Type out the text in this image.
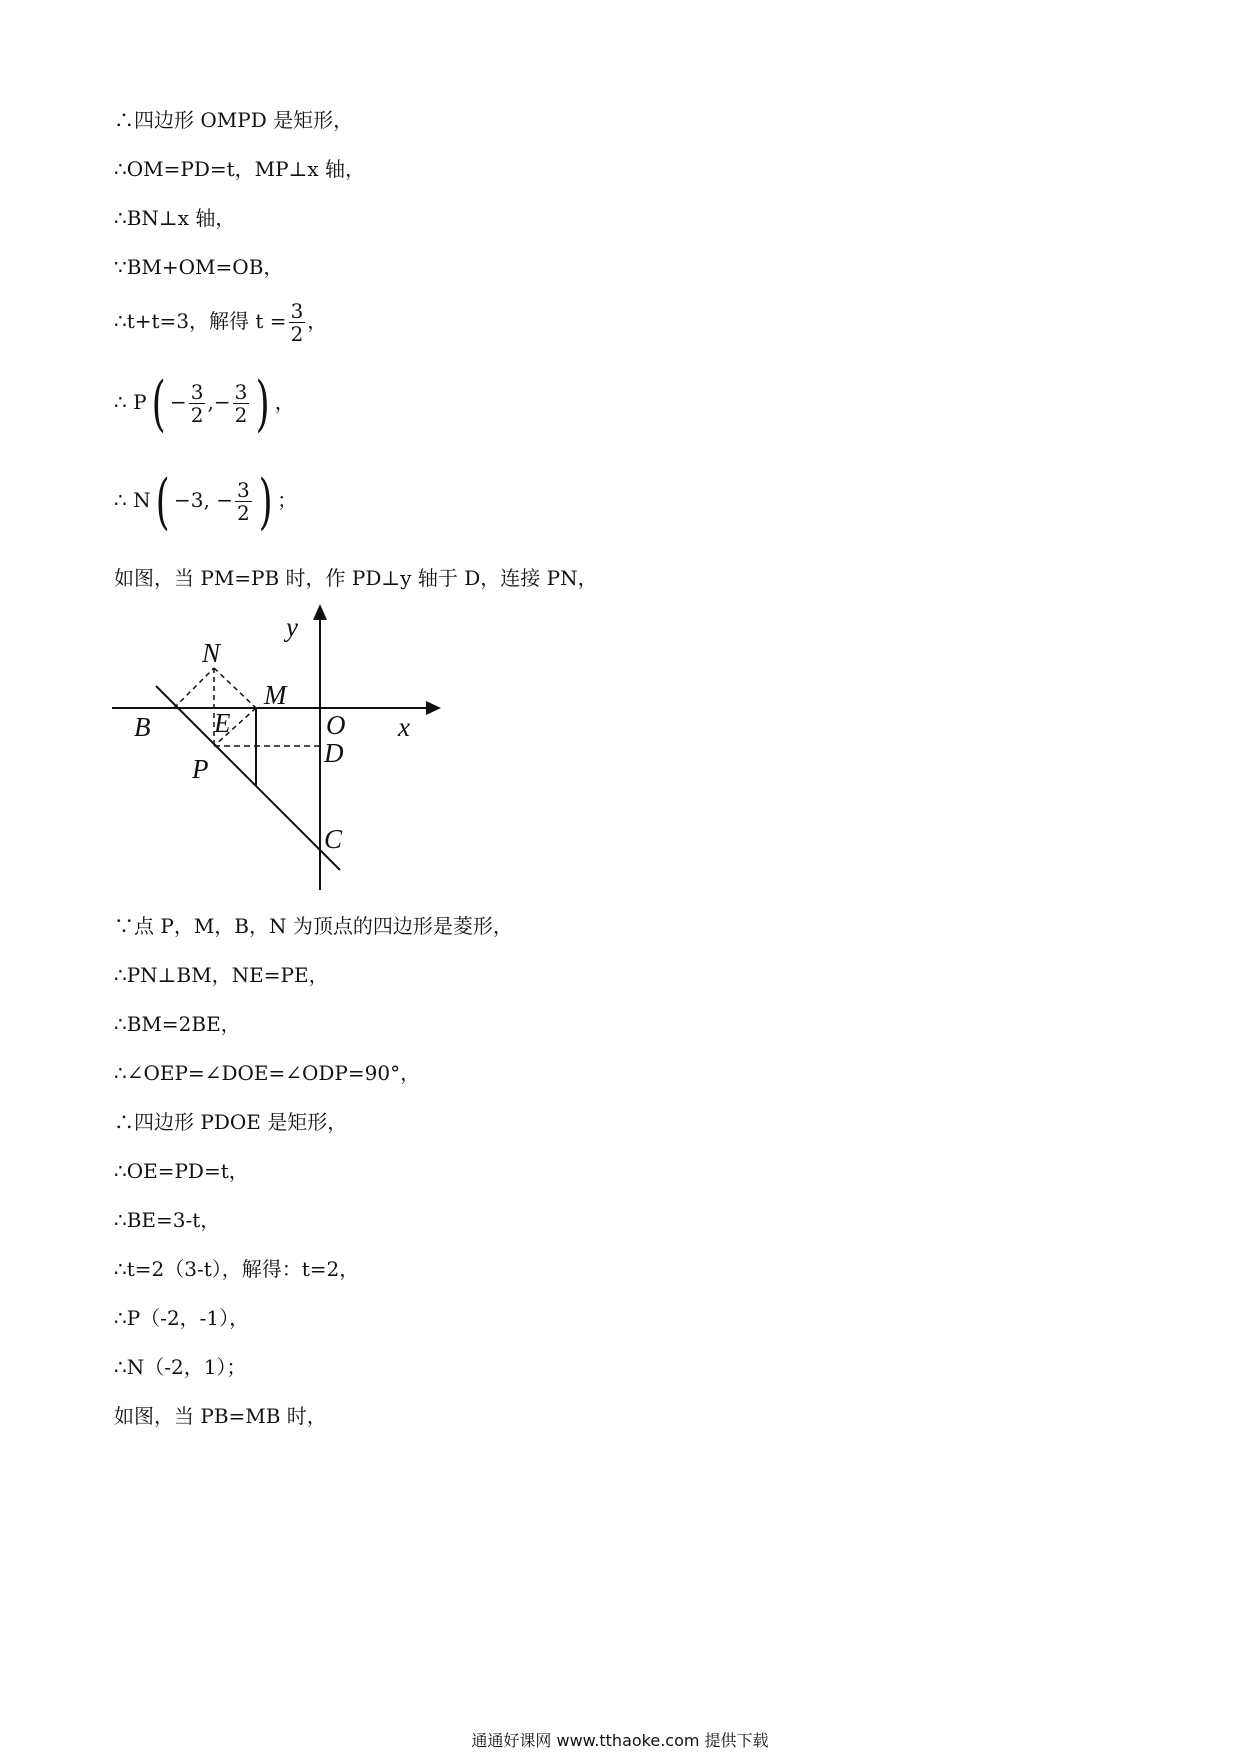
∴四边形 OMPD 是矩形，
∴OM=PD=t，MP⊥x 轴，
∴BN⊥x 轴，
∵BM+OM=OB，
∴t+t=3，解得 $t = \frac{3}{2}$ ，
∴ $P( - \frac{3}{2}$ ,− $\frac{3}{2}$ ) ，
∴ N( −3, − $\frac{3}{2}$ ) ；
如图，当 PM=PB 时，作 PD⊥y 轴于 D，连接 PN，
y
N
M
B E	O x
D
P
C
∵点 P，M，B，N 为顶点的四边形是菱形，
∴PN⊥BM，NE=PE，
∴BM=2BE，
∴∠OEP=∠DOE=∠ODP=90°，
∴四边形 PDOE 是矩形，
∴OE=PD=t，
∴BE=3-t，
∴t=2（3-t），解得：t=2，
∴P（-2，-1），
∴N（-2，1）；
如图，当 PB=MB 时，
通通好课网 www.tthaoke.com 提供下载
